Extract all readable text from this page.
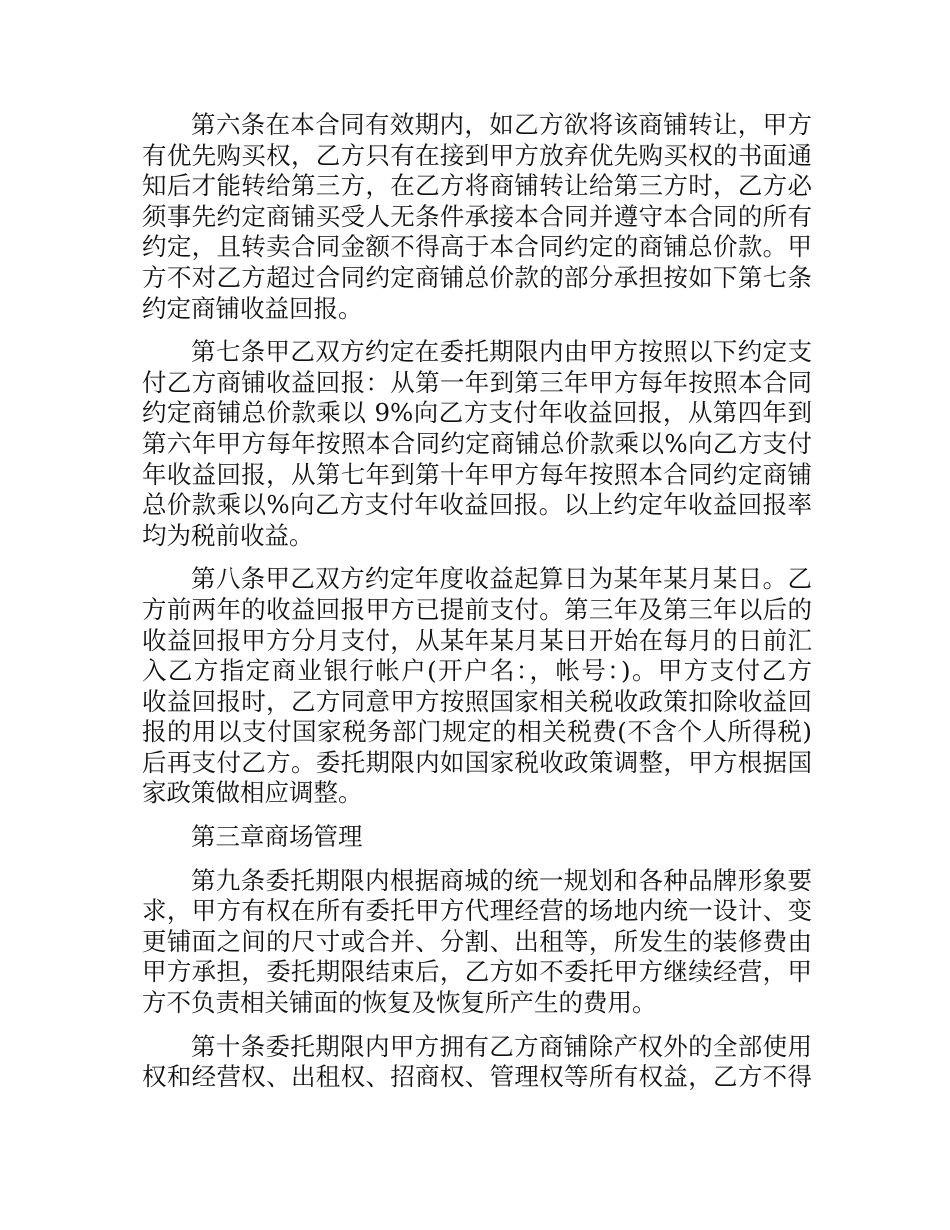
第六条在本合同有效期内，如乙方欲将该商铺转让，甲方
有优先购买权，乙方只有在接到甲方放弃优先购买权的书面通
知后才能转给第三方，在乙方将商铺转让给第三方时，乙方必
须事先约定商铺买受人无条件承接本合同并遵守本合同的所有
约定，且转卖合同金额不得高于本合同约定的商铺总价款。甲
方不对乙方超过合同约定商铺总价款的部分承担按如下第七条
约定商铺收益回报。
第七条甲乙双方约定在委托期限内由甲方按照以下约定支
付乙方商铺收益回报：从第一年到第三年甲方每年按照本合同
约定商铺总价款乘以 9%向乙方支付年收益回报，从第四年到
第六年甲方每年按照本合同约定商铺总价款乘以%向乙方支付
年收益回报，从第七年到第十年甲方每年按照本合同约定商铺
总价款乘以%向乙方支付年收益回报。以上约定年收益回报率
均为税前收益。
第八条甲乙双方约定年度收益起算日为某年某月某日。乙
方前两年的收益回报甲方已提前支付。第三年及第三年以后的
收益回报甲方分月支付，从某年某月某日开始在每月的日前汇
入乙方指定商业银行帐户(开户名：，帐号：)。甲方支付乙方
收益回报时，乙方同意甲方按照国家相关税收政策扣除收益回
报的用以支付国家税务部门规定的相关税费(不含个人所得税)
后再支付乙方。委托期限内如国家税收政策调整，甲方根据国
家政策做相应调整。
第三章商场管理
第九条委托期限内根据商城的统一规划和各种品牌形象要
求，甲方有权在所有委托甲方代理经营的场地内统一设计、变
更铺面之间的尺寸或合并、分割、出租等，所发生的装修费由
甲方承担，委托期限结束后，乙方如不委托甲方继续经营，甲
方不负责相关铺面的恢复及恢复所产生的费用。
第十条委托期限内甲方拥有乙方商铺除产权外的全部使用
权和经营权、出租权、招商权、管理权等所有权益，乙方不得
